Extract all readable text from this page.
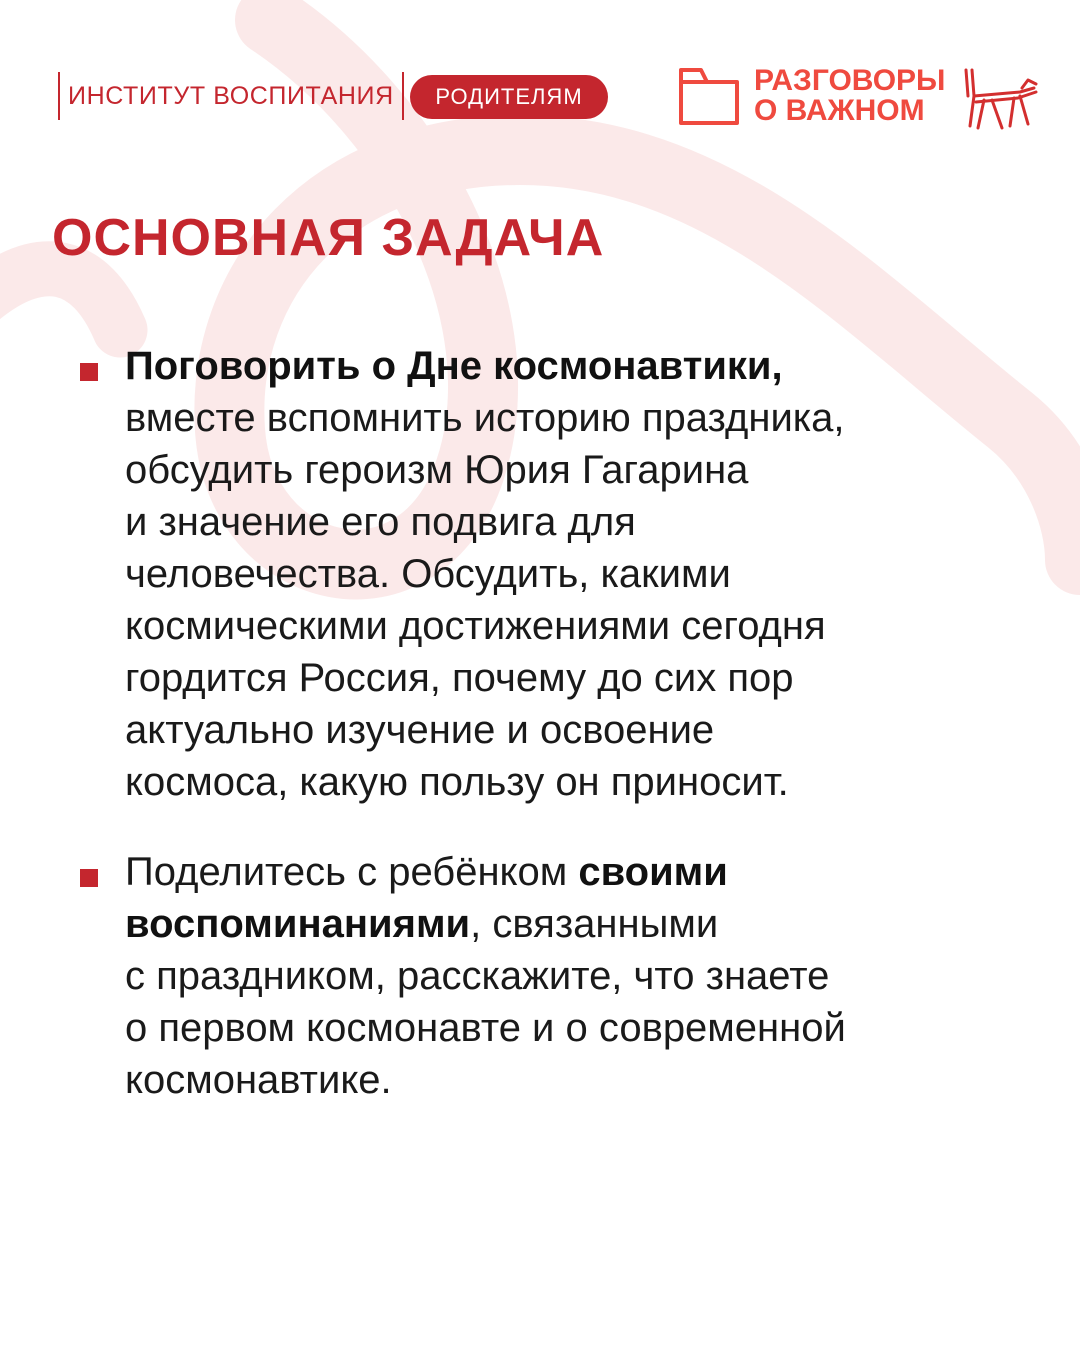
ИНСТИТУТ ВОСПИТАНИЯ РОДИТЕЛЯМ	РАЗГОВОРЫ
О ВАЖНОМ
ОСНОВНАЯ ЗАДАЧА
Поговорить о Дне космонавтики,
вместе вспомнить историю праздника,
обсудить героизм Юрия Гагарина
и значение его подвига для
человечества. Обсудить, какими
космическими достижениями сегодня
гордится Россия, почему до сих пор
актуально изучение и освоение
космоса, какую пользу он приносит.
Поделитесь с ребёнком своими
воспоминаниями, связанными
с праздником, расскажите, что знаете
о первом космонавте и о современной
космонавтике.
